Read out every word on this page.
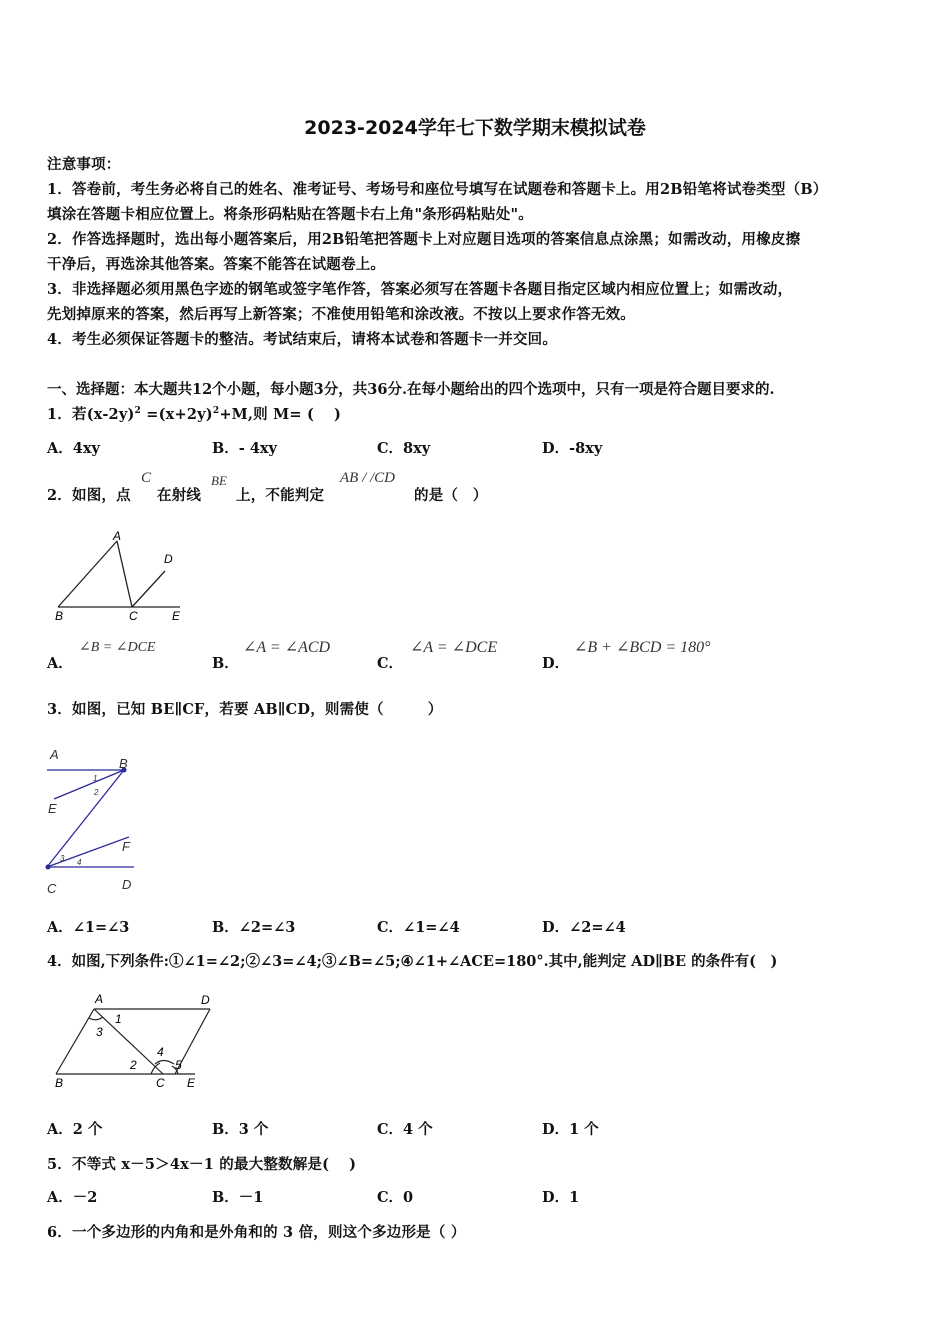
2023-2024学年七下数学期末模拟试卷
注意事项：
1．答卷前，考生务必将自己的姓名、准考证号、考场号和座位号填写在试题卷和答题卡上。用2B铅笔将试卷类型（B）
填涂在答题卡相应位置上。将条形码粘贴在答题卡右上角"条形码粘贴处"。
2．作答选择题时，选出每小题答案后，用2B铅笔把答题卡上对应题目选项的答案信息点涂黑；如需改动，用橡皮擦
干净后，再选涂其他答案。答案不能答在试题卷上。
3．非选择题必须用黑色字迹的钢笔或签字笔作答，答案必须写在答题卡各题目指定区域内相应位置上；如需改动，
先划掉原来的答案，然后再写上新答案；不准使用铅笔和涂改液。不按以上要求作答无效。
4．考生必须保证答题卡的整洁。考试结束后，请将本试卷和答题卡一并交回。
一、选择题：本大题共12个小题，每小题3分，共36分.在每小题给出的四个选项中，只有一项是符合题目要求的.
1．若$(x-2y)^2 =(x+2y)^2+M$,则 M= (　 )
A．4xy	B．- 4xy	C．8xy	D．-8xy
2．如图，点
C
在射线
BE
上，不能判定
AB / /CD
的是（　）
A
B	C
D
E
A．
∠B = ∠DCE
B．
∠A = ∠ACD
C．
∠A = ∠DCE
D．
∠B + ∠BCD = 180°
3．如图，已知 BE∥CF，若要 AB∥CD，则需使（　　　）
A
B
E
F
C	D
1
2
3 4
A．∠1=∠3	B．∠2=∠3	C．∠1=∠4	D．∠2=∠4
4．如图,下列条件:①∠1=∠2;②∠3=∠4;③∠B=∠5;④∠1+∠ACE=180°.其中,能判定 AD∥BE 的条件有(　)
A	D
1
3
2
4
5
B	C E
A．2 个	B．3 个	C．4 个	D．1 个
5．不等式 x－5＞4x－1 的最大整数解是(　 )
A．－2	B．－1	C．0	D．1
6．一个多边形的内角和是外角和的 3 倍，则这个多边形是（ ）
